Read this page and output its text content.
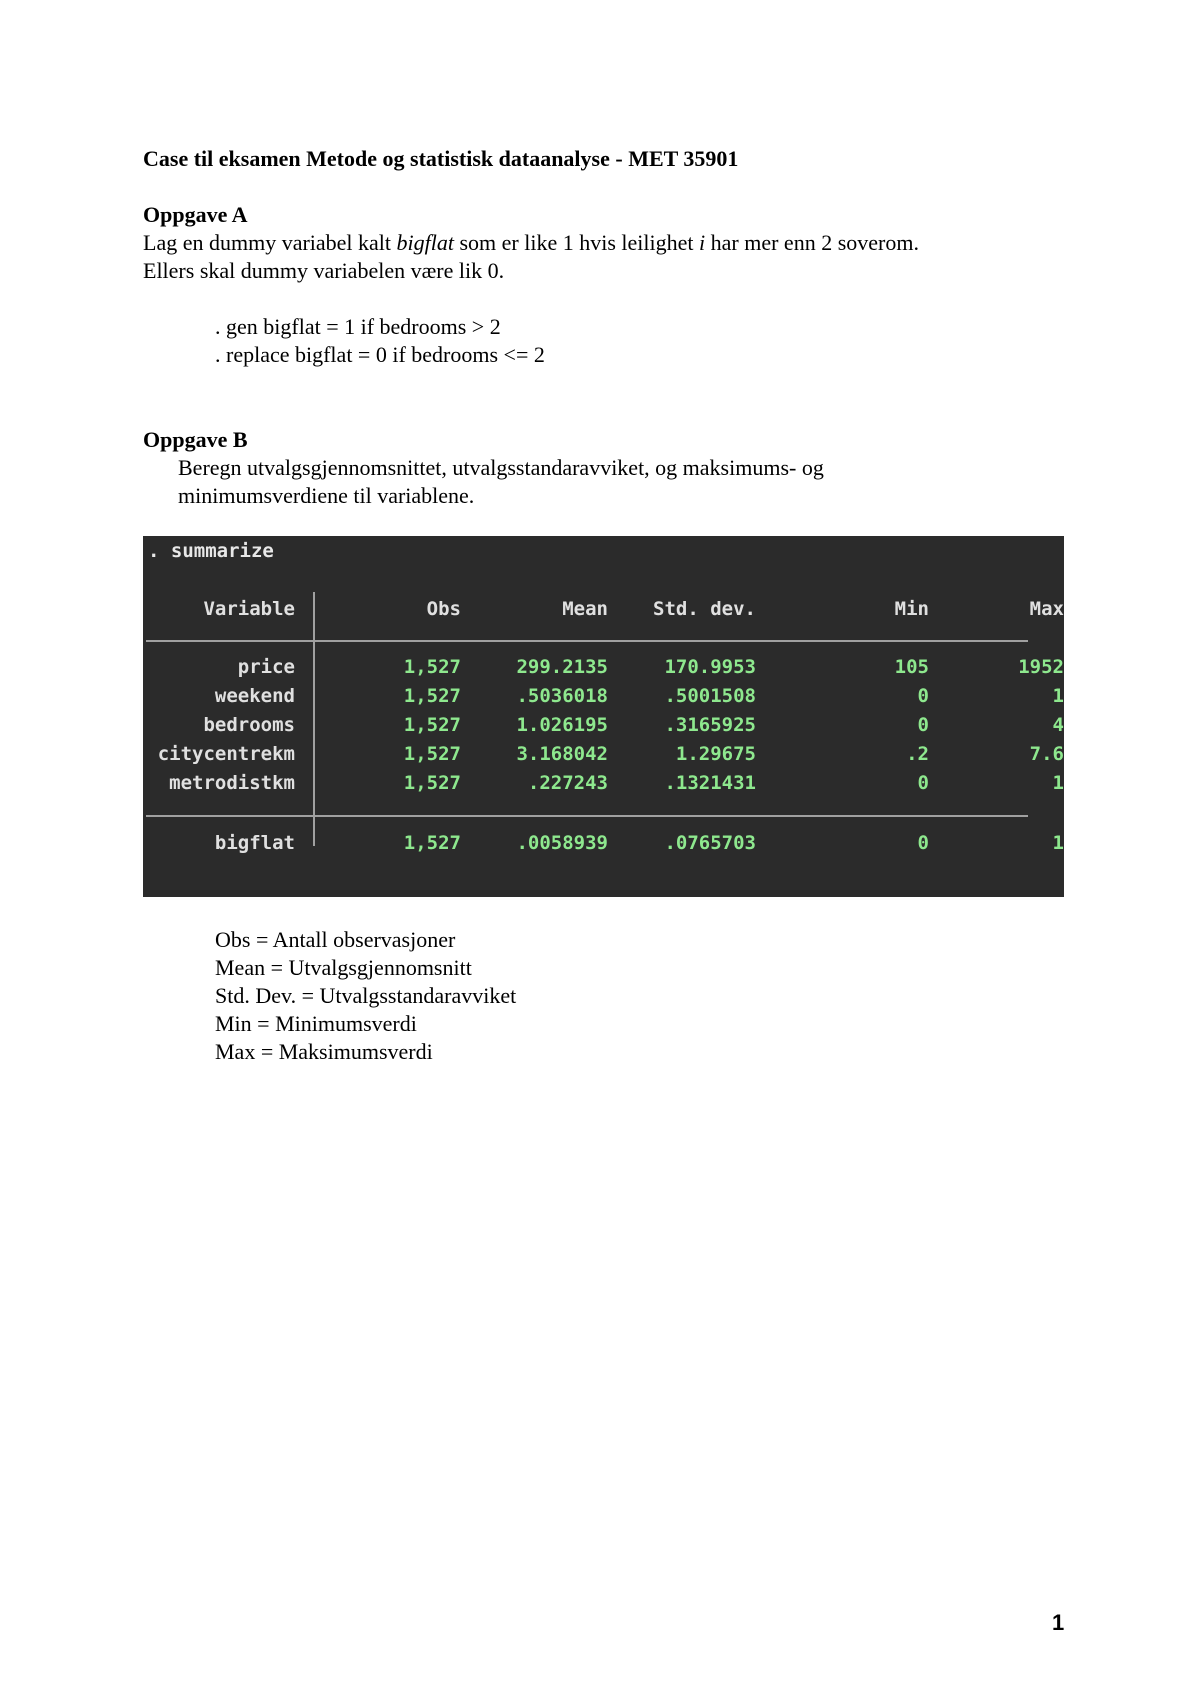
Case til eksamen Metode og statistisk dataanalyse - MET 35901
Oppgave A
Lag en dummy variabel kalt bigflat som er like 1 hvis leilighet i har mer enn 2 soverom.
Ellers skal dummy variabelen være lik 0.
. gen bigflat = 1 if bedrooms > 2
. replace bigflat = 0 if bedrooms <= 2
Oppgave B
Beregn utvalgsgjennomsnittet, utvalgsstandaravviket, og maksimums- og
minimumsverdiene til variablene.
. summarize
Variable	Obs	Mean	Std. dev.	Min	Max
price	1,527	299.2135	170.9953	105	1952
weekend	1,527	.5036018	.5001508	0	1
bedrooms	1,527	1.026195	.3165925	0	4
citycentrekm	1,527	3.168042	1.29675	.2	7.6
metrodistkm	1,527	.227243	.1321431	0	1
bigflat	1,527	.0058939	.0765703	0	1
Obs = Antall observasjoner
Mean = Utvalgsgjennomsnitt
Std. Dev. = Utvalgsstandaravviket
Min = Minimumsverdi
Max = Maksimumsverdi
1
